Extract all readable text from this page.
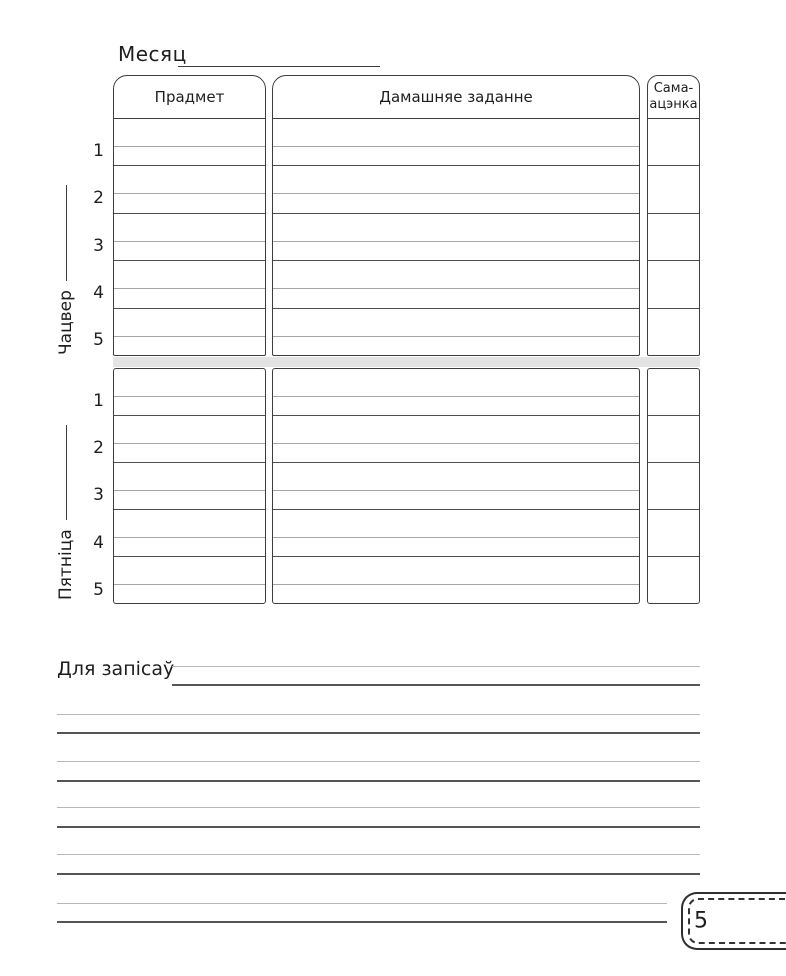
Месяц
Прадмет	Дамашняе заданне	Сама-
ацэнка
1
2
3
4
5
1
2
3
4
5
Чацвер
Пятніца
Для запісаў
5
